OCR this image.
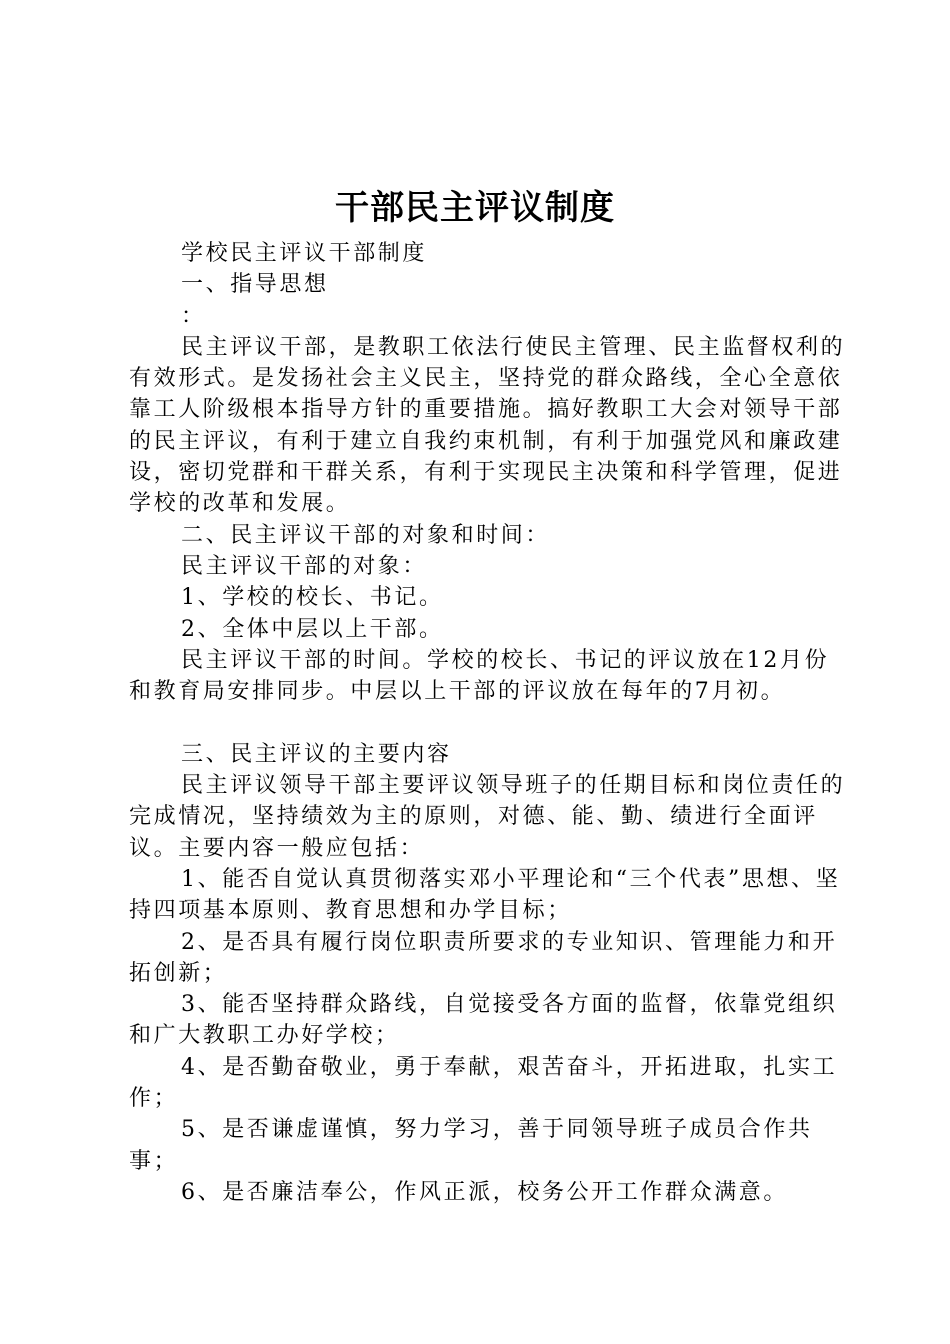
干部民主评议制度

学校民主评议干部制度

一、指导思想

：

民主评议干部，是教职工依法行使民主管理、民主监督权利的有效形式。是发扬社会主义民主，坚持党的群众路线，全心全意依靠工人阶级根本指导方针的重要措施。搞好教职工大会对领导干部的民主评议，有利于建立自我约束机制，有利于加强党风和廉政建设，密切党群和干群关系，有利于实现民主决策和科学管理，促进学校的改革和发展。

二、民主评议干部的对象和时间：

民主评议干部的对象：

1、学校的校长、书记。

2、全体中层以上干部。

民主评议干部的时间。学校的校长、书记的评议放在12月份和教育局安排同步。中层以上干部的评议放在每年的7月初。

三、民主评议的主要内容

民主评议领导干部主要评议领导班子的任期目标和岗位责任的完成情况，坚持绩效为主的原则，对德、能、勤、绩进行全面评议。主要内容一般应包括：

1、能否自觉认真贯彻落实邓小平理论和“三个代表”思想、坚持四项基本原则、教育思想和办学目标；

2、是否具有履行岗位职责所要求的专业知识、管理能力和开拓创新；

3、能否坚持群众路线，自觉接受各方面的监督，依靠党组织和广大教职工办好学校；

4、是否勤奋敬业，勇于奉献，艰苦奋斗，开拓进取，扎实工作；

5、是否谦虚谨慎，努力学习，善于同领导班子成员合作共事；

6、是否廉洁奉公，作风正派，校务公开工作群众满意。
